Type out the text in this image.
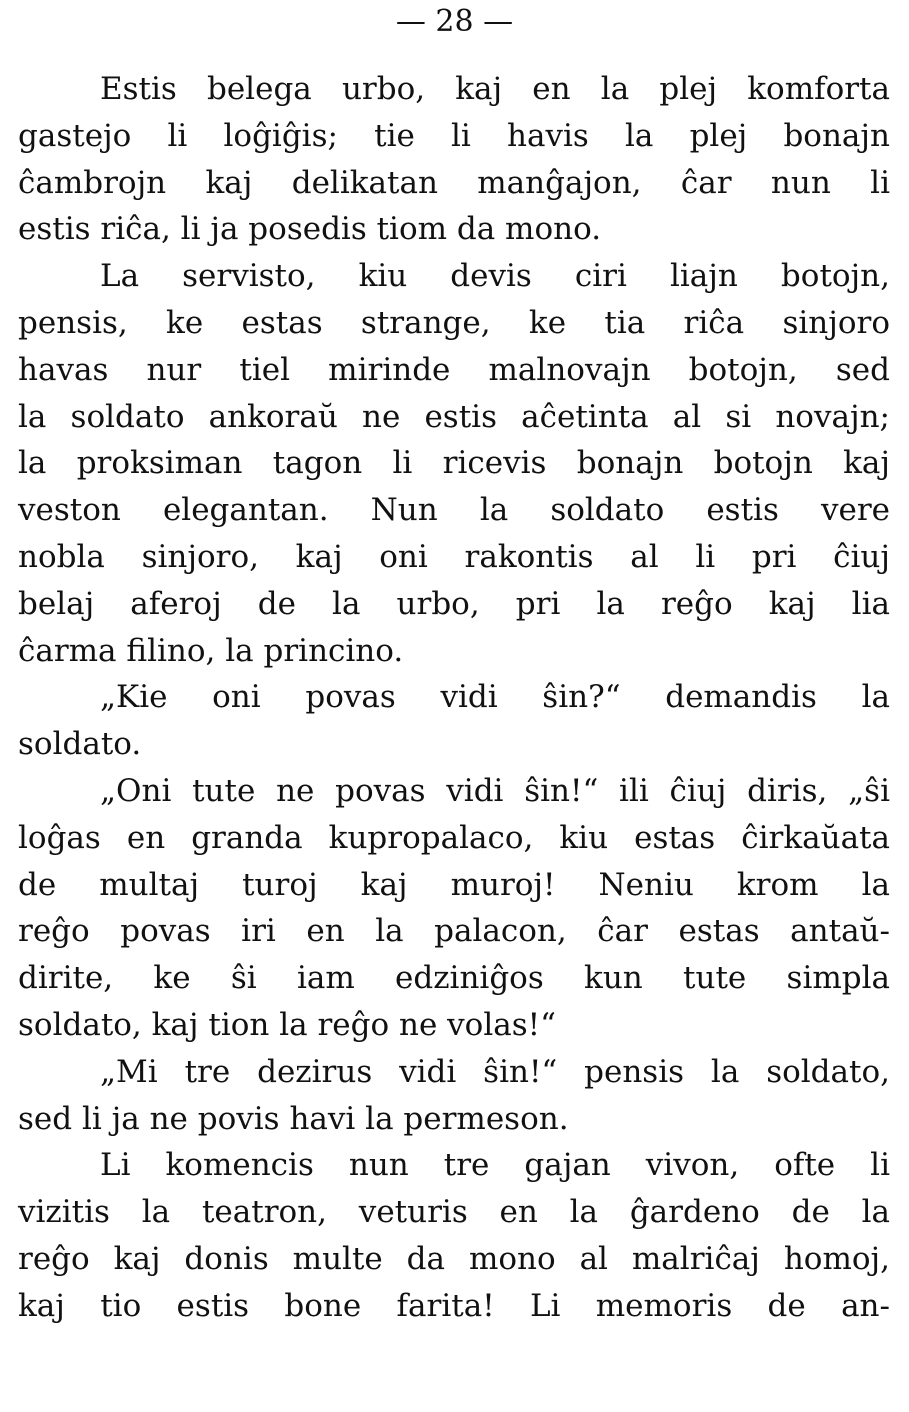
— 28 —
Estis belega urbo, kaj en la plej komforta
gastejo li loĝiĝis; tie li havis la plej bonajn
ĉambrojn kaj delikatan manĝajon, ĉar nun li
estis riĉa, li ja posedis tiom da mono.
La servisto, kiu devis ciri liajn botojn,
pensis, ke estas strange, ke tia riĉa sinjoro
havas nur tiel mirinde malnovajn botojn, sed
la soldato ankoraŭ ne estis aĉetinta al si novajn;
la proksiman tagon li ricevis bonajn botojn kaj
veston elegantan. Nun la soldato estis vere
nobla sinjoro, kaj oni rakontis al li pri ĉiuj
belaj aferoj de la urbo, pri la reĝo kaj lia
ĉarma filino, la princino.
„Kie oni povas vidi ŝin?“ demandis la
soldato.
„Oni tute ne povas vidi ŝin!“ ili ĉiuj diris, „ŝi
loĝas en granda kupropalaco, kiu estas ĉirkaŭata
de multaj turoj kaj muroj! Neniu krom la
reĝo povas iri en la palacon, ĉar estas antaŭ-
dirite, ke ŝi iam edziniĝos kun tute simpla
soldato, kaj tion la reĝo ne volas!“
„Mi tre dezirus vidi ŝin!“ pensis la soldato,
sed li ja ne povis havi la permeson.
Li komencis nun tre gajan vivon, ofte li
vizitis la teatron, veturis en la ĝardeno de la
reĝo kaj donis multe da mono al malriĉaj homoj,
kaj tio estis bone farita! Li memoris de an-
